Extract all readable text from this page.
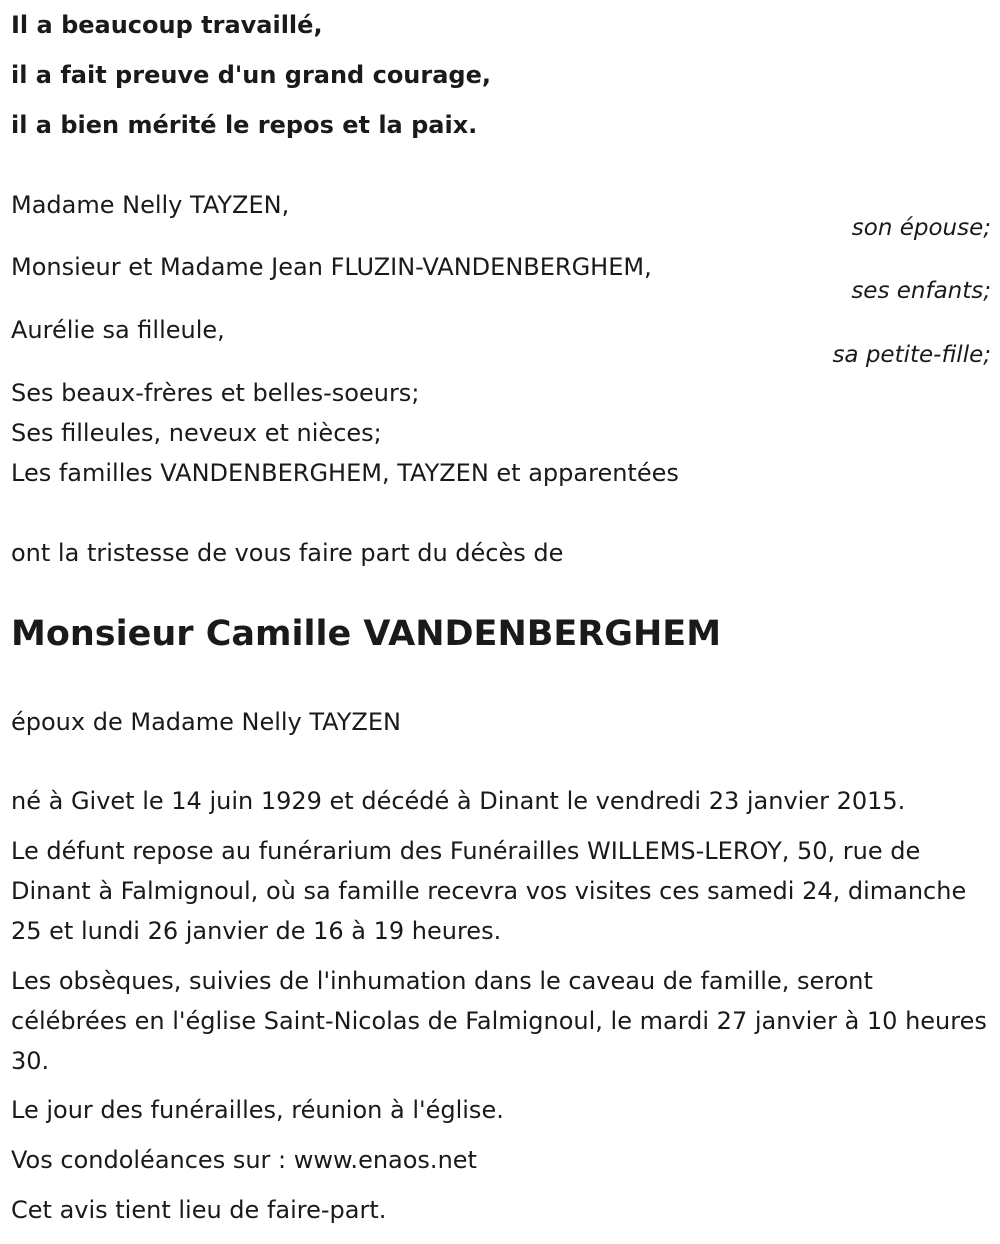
Il a beaucoup travaillé,
il a fait preuve d'un grand courage,
il a bien mérité le repos et la paix.
Madame Nelly TAYZEN,
son épouse;
Monsieur et Madame Jean FLUZIN-VANDENBERGHEM,
ses enfants;
Aurélie sa filleule,
sa petite-fille;
Ses beaux-frères et belles-soeurs;
Ses filleules, neveux et nièces;
Les familles VANDENBERGHEM, TAYZEN et apparentées
ont la tristesse de vous faire part du décès de
Monsieur Camille VANDENBERGHEM
époux de Madame Nelly TAYZEN
né à Givet le 14 juin 1929 et décédé à Dinant le vendredi 23 janvier 2015.
Le défunt repose au funérarium des Funérailles WILLEMS-LEROY, 50, rue de Dinant à Falmignoul, où sa famille recevra vos visites ces samedi 24, dimanche 25 et lundi 26 janvier de 16 à 19 heures.
Les obsèques, suivies de l'inhumation dans le caveau de famille, seront célébrées en l'église Saint-Nicolas de Falmignoul, le mardi 27 janvier à 10 heures 30.
Le jour des funérailles, réunion à l'église.
Vos condoléances sur : www.enaos.net
Cet avis tient lieu de faire-part.
